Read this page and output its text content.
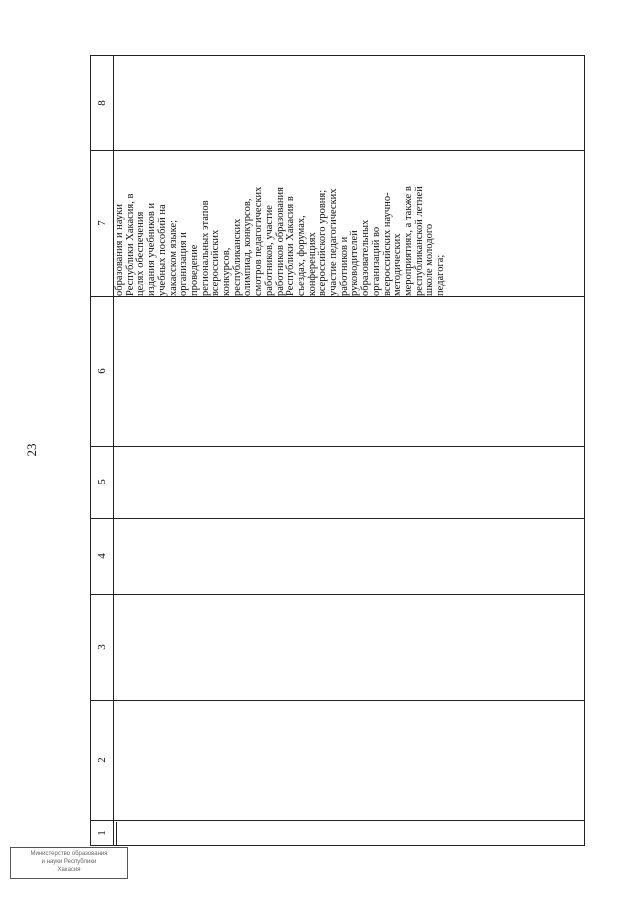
23
Министерство образования
и науки Республики
Хакасия
8
7
6
5
4
3
2
1
образования и науки Республики Хакасия, в целях обеспечения издания учебников и учебных пособий на хакасском языке; организация и проведение региональных этапов всероссийских конкурсов, республиканских олимпиад, конкурсов, смотров педагогических работников, участие работников образования Республики Хакасия в съездах, форумах, конференциях всероссийского уровня; участие педагогических работников и руководителей образовательных организаций во всероссийских научно- методических мероприятиях, а также в республиканской летней школе молодого педагога;
